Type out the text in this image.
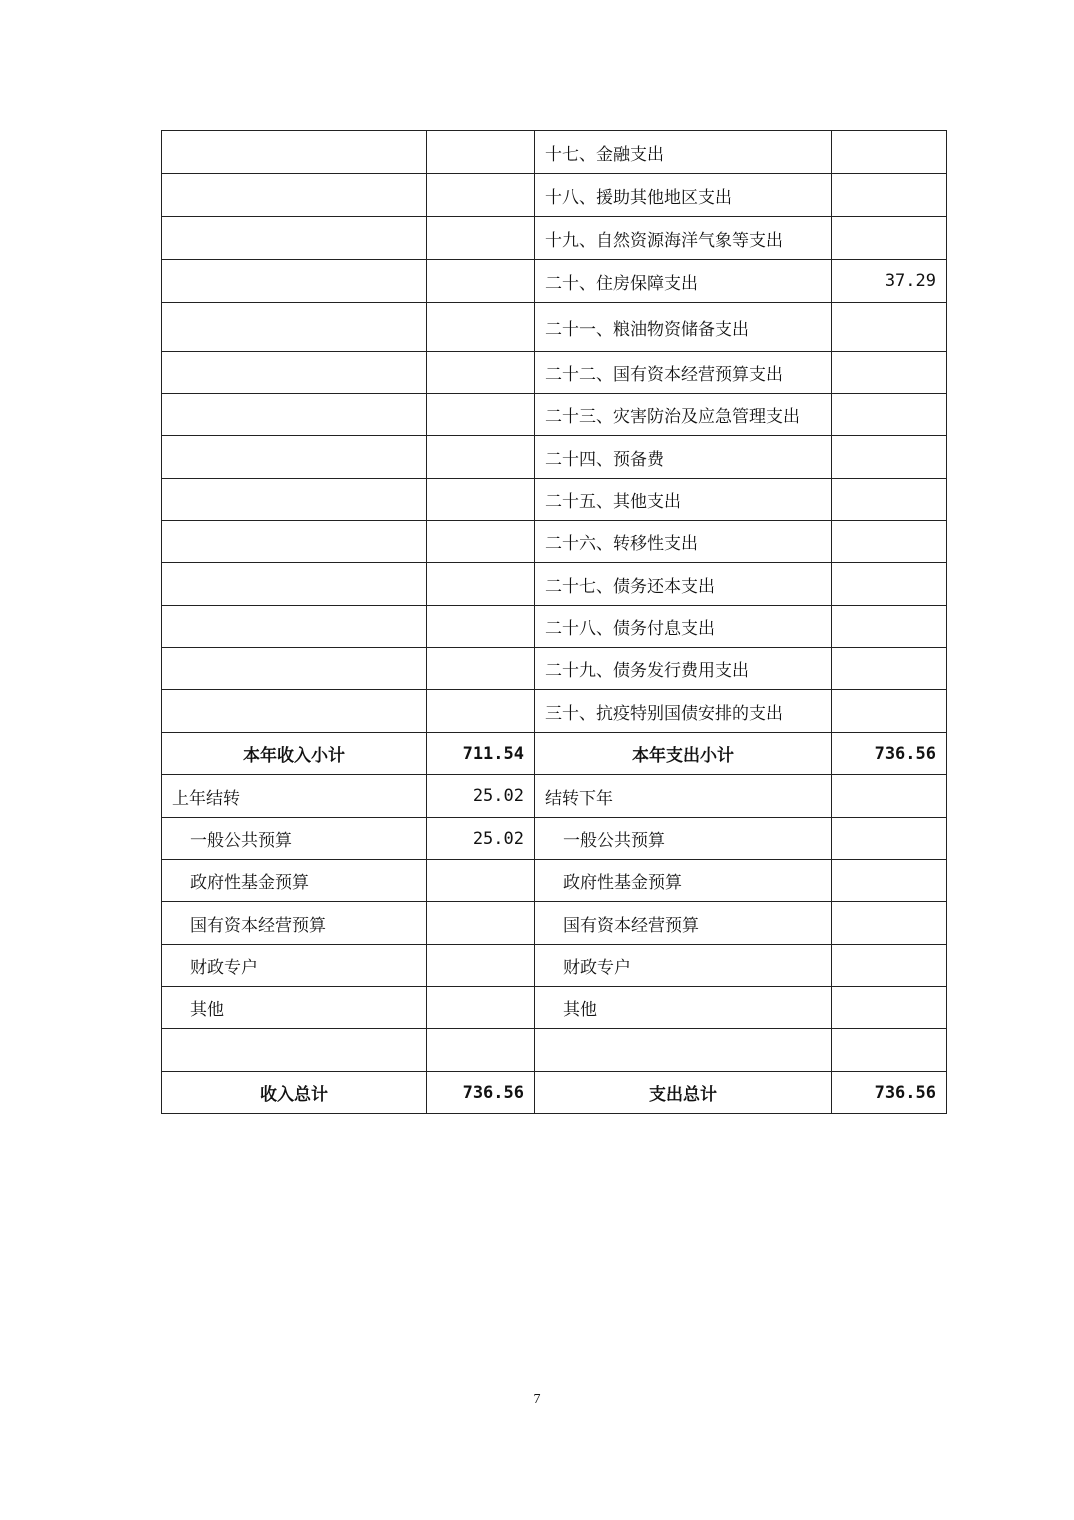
		十七、金融支出	
		十八、援助其他地区支出	
		十九、自然资源海洋气象等支出	
		二十、住房保障支出	37.29
		二十一、粮油物资储备支出	
		二十二、国有资本经营预算支出	
		二十三、灾害防治及应急管理支出	
		二十四、预备费	
		二十五、其他支出	
		二十六、转移性支出	
		二十七、债务还本支出	
		二十八、债务付息支出	
		二十九、债务发行费用支出	
		三十、抗疫特别国债安排的支出	
本年收入小计	711.54	本年支出小计	736.56
上年结转	25.02	结转下年	
一般公共预算	25.02	一般公共预算	
政府性基金预算		政府性基金预算	
国有资本经营预算		国有资本经营预算	
财政专户		财政专户	
其他		其他	

收入总计	736.56	支出总计	736.56
7
